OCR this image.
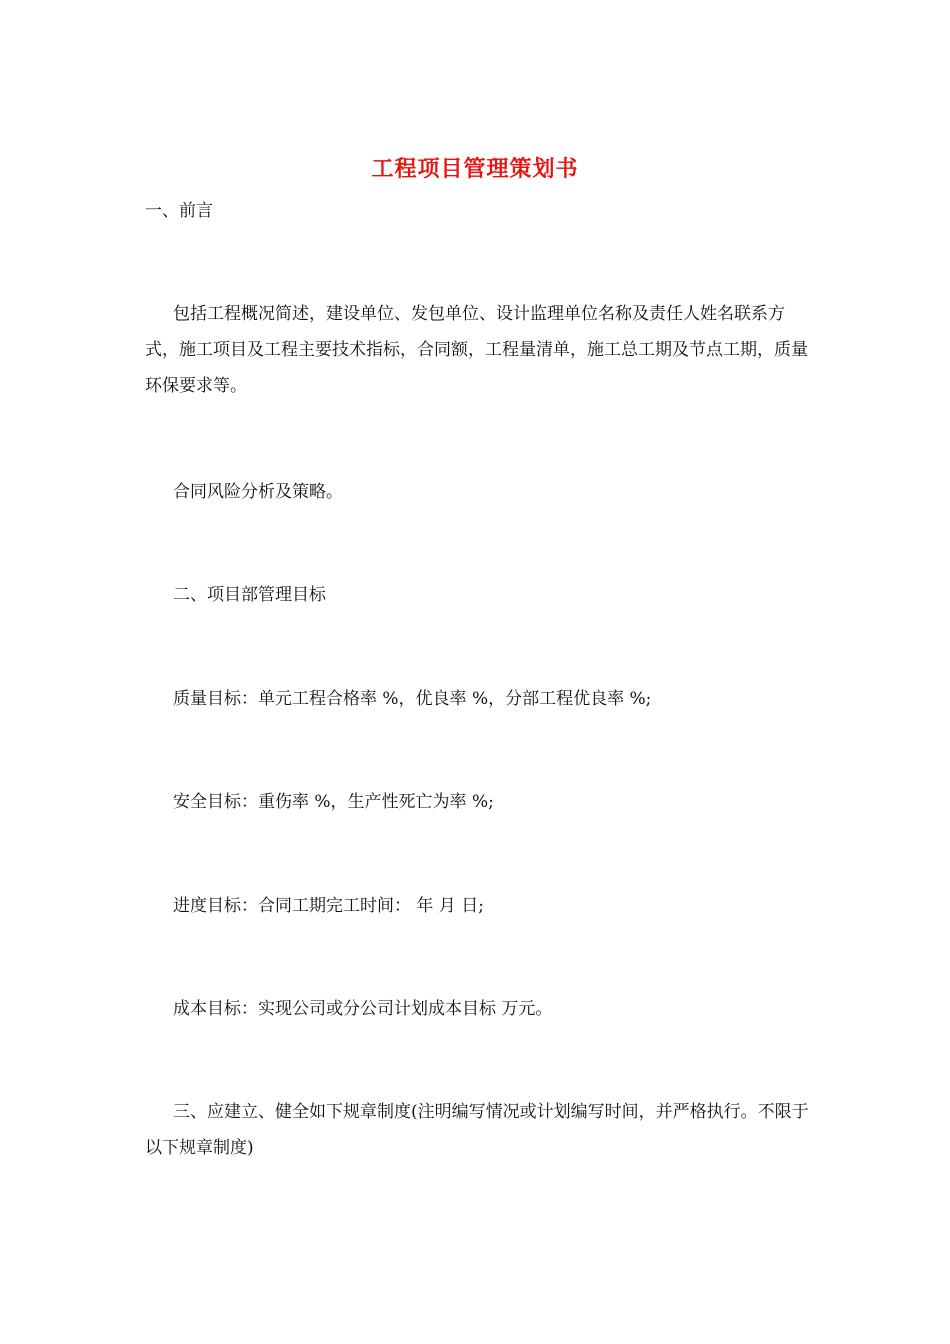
工程项目管理策划书
一、前言
包括工程概况简述，建设单位、发包单位、设计监理单位名称及责任人姓名联系方式，施工项目及工程主要技术指标，合同额，工程量清单，施工总工期及节点工期，质量环保要求等。
合同风险分析及策略。
二、项目部管理目标
质量目标：单元工程合格率 %，优良率 %，分部工程优良率 %;
安全目标：重伤率 %，生产性死亡为率 %;
进度目标：合同工期完工时间： 年 月 日;
成本目标：实现公司或分公司计划成本目标 万元。
三、应建立、健全如下规章制度(注明编写情况或计划编写时间，并严格执行。不限于以下规章制度)
